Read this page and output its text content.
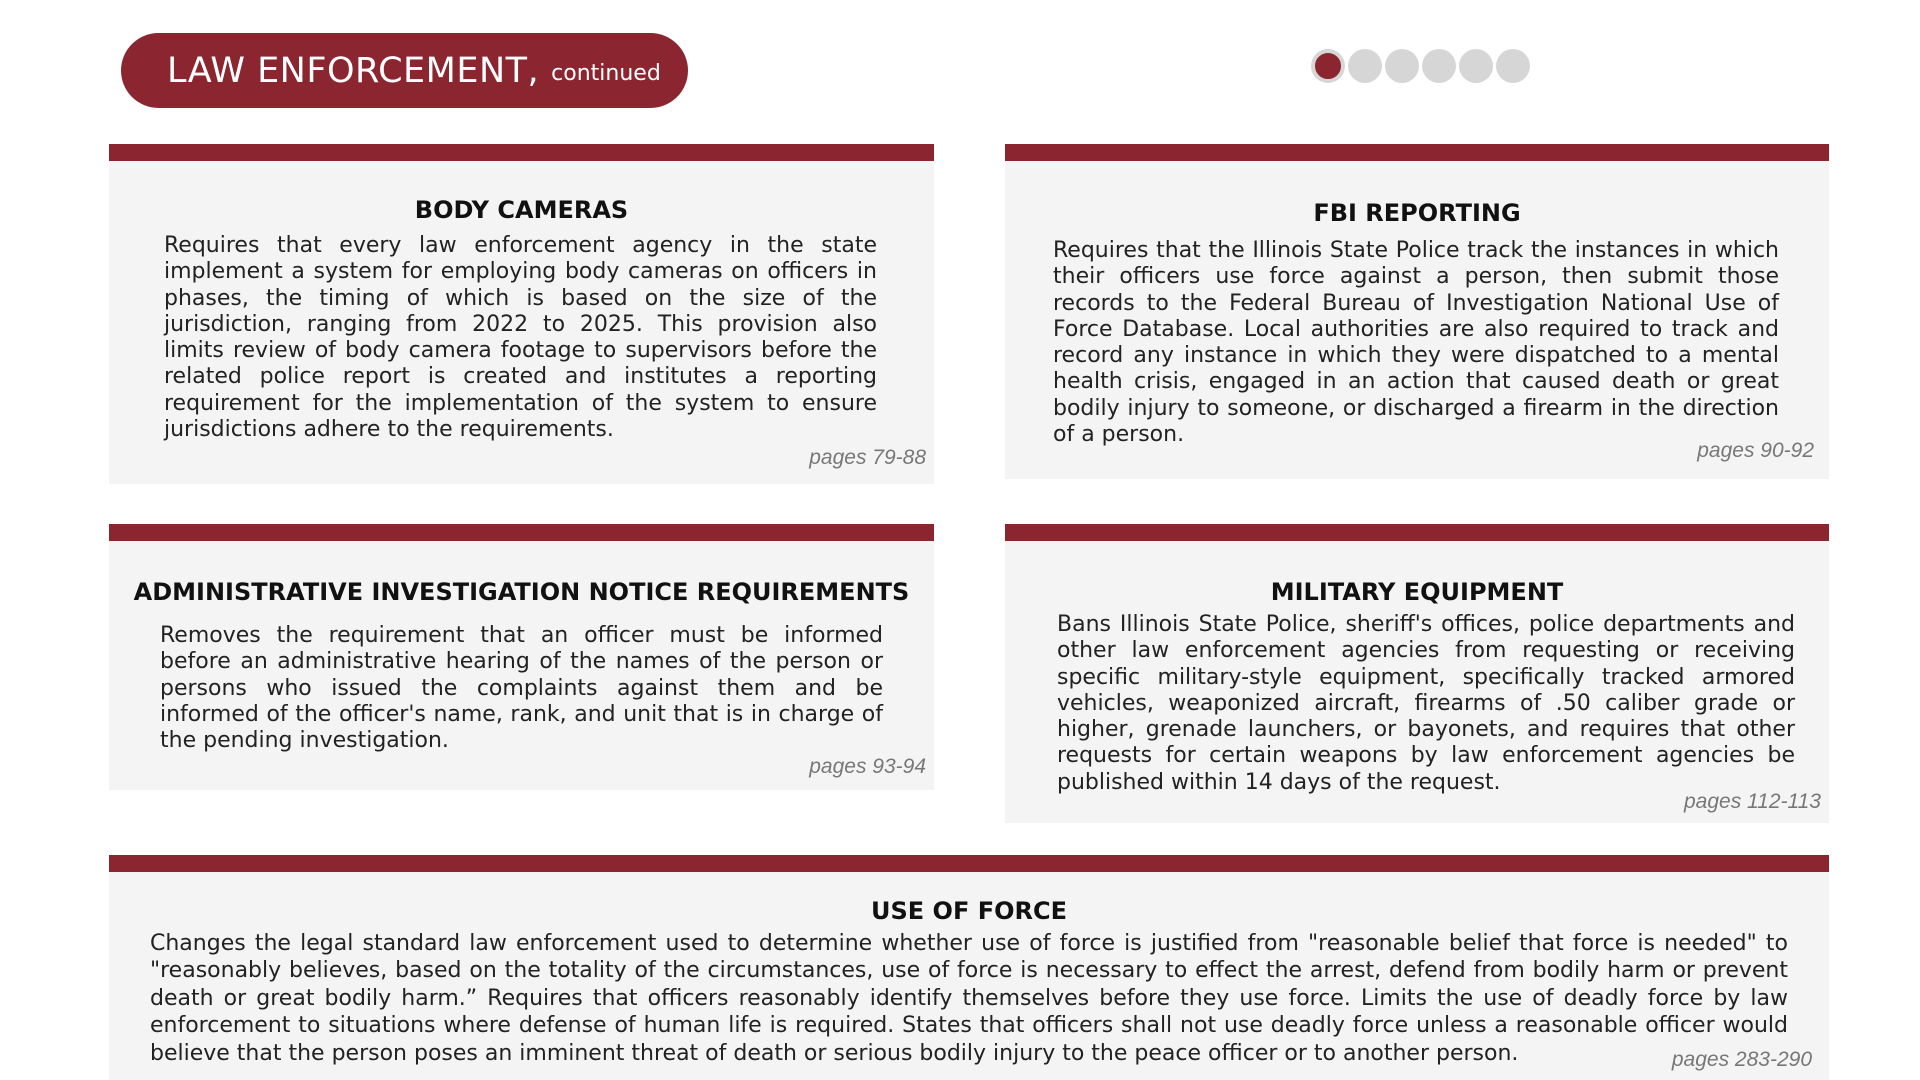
LAW ENFORCEMENT, continued
BODY CAMERAS

Requires that every law enforcement agency in the state implement a system for employing body cameras on officers in phases, the timing of which is based on the size of the jurisdiction, ranging from 2022 to 2025. This provision also limits review of body camera footage to supervisors before the related police report is created and institutes a reporting requirement for the implementation of the system to ensure jurisdictions adhere to the requirements.

pages 79-88
FBI REPORTING

Requires that the Illinois State Police track the instances in which their officers use force against a person, then submit those records to the Federal Bureau of Investigation National Use of Force Database. Local authorities are also required to track and record any instance in which they were dispatched to a mental health crisis, engaged in an action that caused death or great bodily injury to someone, or discharged a firearm in the direction of a person.

pages 90-92
ADMINISTRATIVE INVESTIGATION NOTICE REQUIREMENTS

Removes the requirement that an officer must be informed before an administrative hearing of the names of the person or persons who issued the complaints against them and be informed of the officer's name, rank, and unit that is in charge of the pending investigation.

pages 93-94
MILITARY EQUIPMENT

Bans Illinois State Police, sheriff's offices, police departments and other law enforcement agencies from requesting or receiving specific military-style equipment, specifically tracked armored vehicles, weaponized aircraft, firearms of .50 caliber grade or higher, grenade launchers, or bayonets, and requires that other requests for certain weapons by law enforcement agencies be published within 14 days of the request.

pages 112-113
USE OF FORCE

Changes the legal standard law enforcement used to determine whether use of force is justified from "reasonable belief that force is needed" to "reasonably believes, based on the totality of the circumstances, use of force is necessary to effect the arrest, defend from bodily harm or prevent death or great bodily harm.” Requires that officers reasonably identify themselves before they use force. Limits the use of deadly force by law enforcement to situations where defense of human life is required. States that officers shall not use deadly force unless a reasonable officer would believe that the person poses an imminent threat of death or serious bodily injury to the peace officer or to another person.	pages 283-290
